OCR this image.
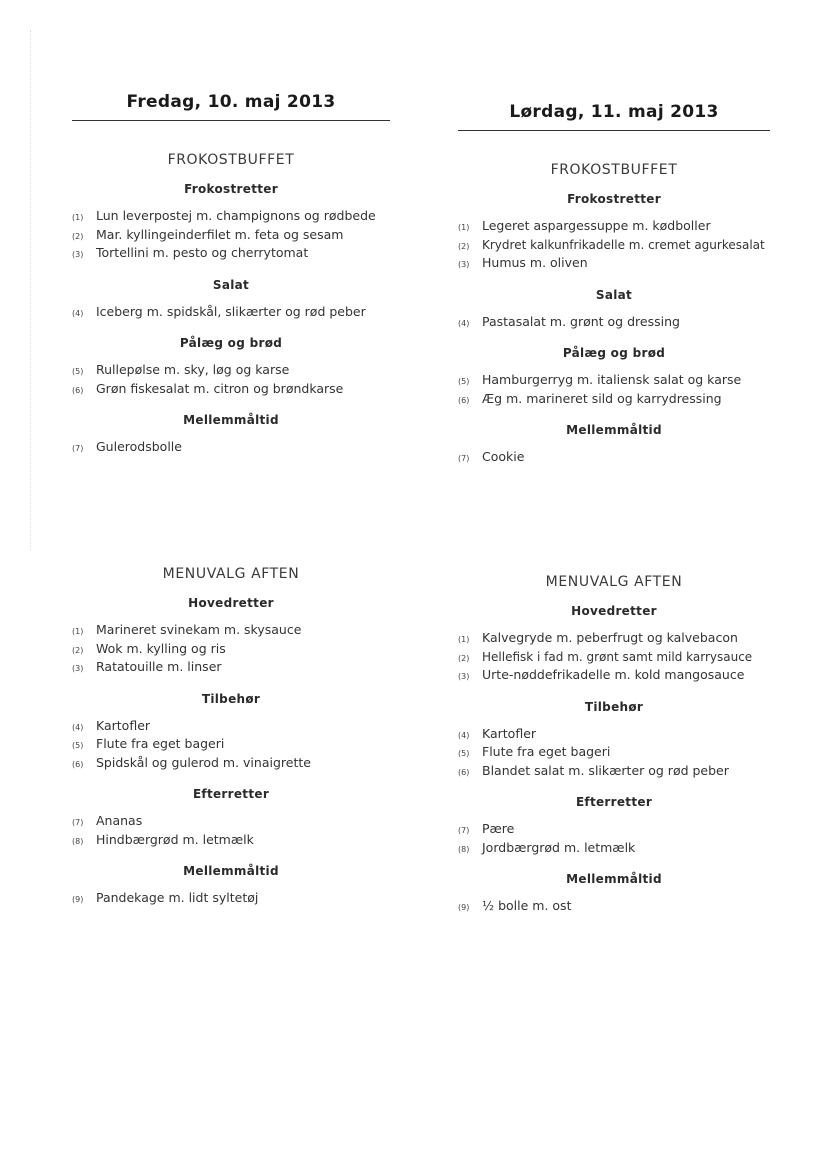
Fredag, 10. maj 2013
FROKOSTBUFFET
Frokostretter
(1)	Lun leverpostej m. champignons og rødbede
(2)	Mar. kyllingeinderfilet m. feta og sesam
(3)	Tortellini m. pesto og cherrytomat
Salat
(4)	Iceberg m. spidskål, slikærter og rød peber
Pålæg og brød
(5)	Rullepølse m. sky, løg og karse
(6)	Grøn fiskesalat m. citron og brøndkarse
Mellemmåltid
(7)	Gulerodsbolle
MENUVALG AFTEN
Hovedretter
(1)	Marineret svinekam m. skysauce
(2)	Wok m. kylling og ris
(3)	Ratatouille m. linser
Tilbehør
(4)	Kartofler
(5)	Flute fra eget bageri
(6)	Spidskål og gulerod m. vinaigrette
Efterretter
(7)	Ananas
(8)	Hindbærgrød m. letmælk
Mellemmåltid
(9)	Pandekage m. lidt syltetøj
Lørdag, 11. maj 2013
FROKOSTBUFFET
Frokostretter
(1)	Legeret aspargessuppe m. kødboller
(2)	Krydret kalkunfrikadelle m. cremet agurkesalat
(3)	Humus m. oliven
Salat
(4)	Pastasalat m. grønt og dressing
Pålæg og brød
(5)	Hamburgerryg m. italiensk salat og karse
(6)	Æg m. marineret sild og karrydressing
Mellemmåltid
(7)	Cookie
MENUVALG AFTEN
Hovedretter
(1)	Kalvegryde m. peberfrugt og kalvebacon
(2)	Hellefisk i fad m. grønt samt mild karrysauce
(3)	Urte-nøddefrikadelle m. kold mangosauce
Tilbehør
(4)	Kartofler
(5)	Flute fra eget bageri
(6)	Blandet salat m. slikærter og rød peber
Efterretter
(7)	Pære
(8)	Jordbærgrød m. letmælk
Mellemmåltid
(9)	½ bolle m. ost
